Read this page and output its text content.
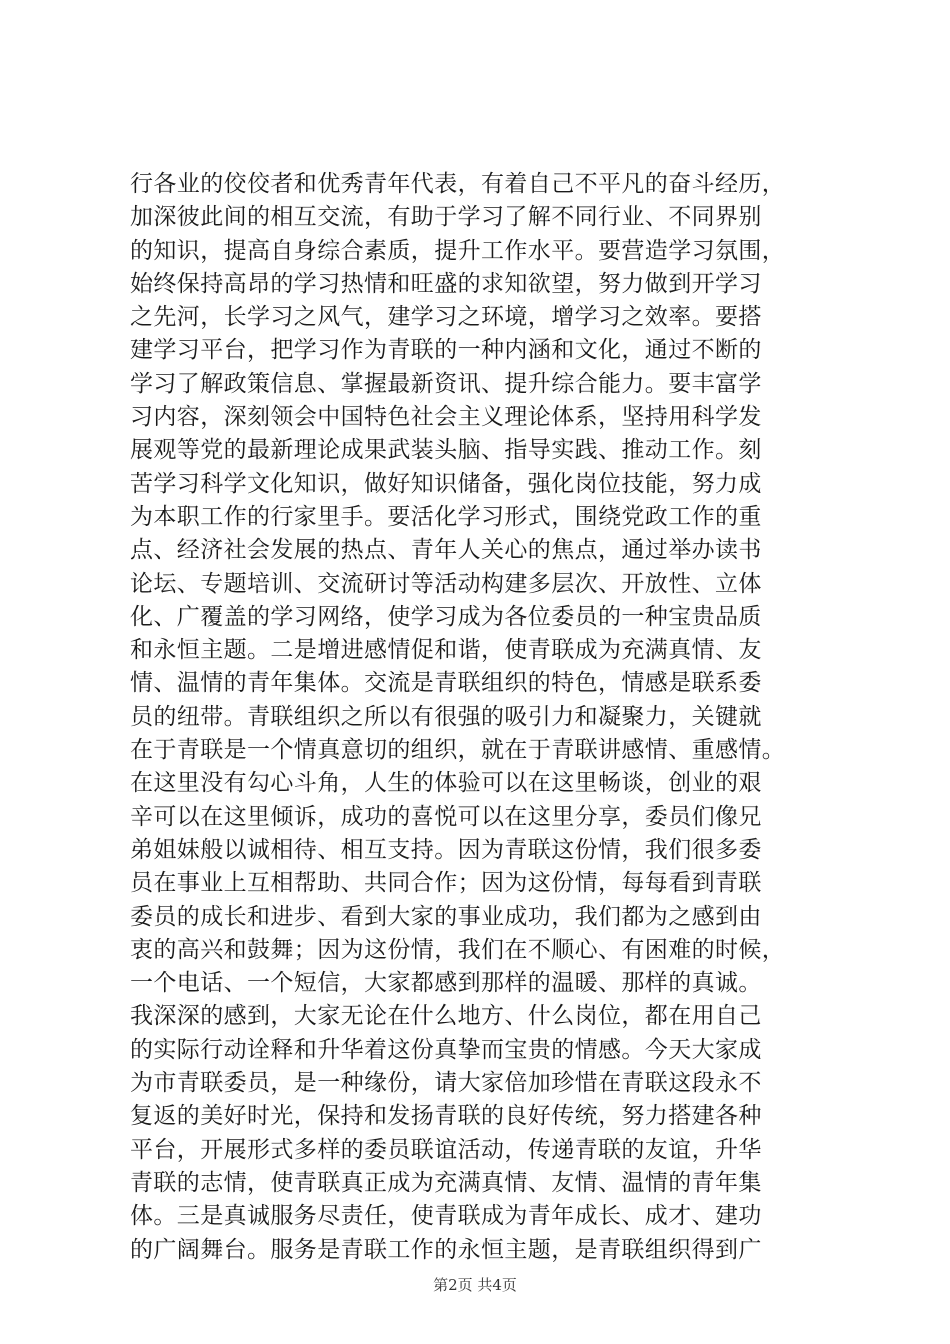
行各业的佼佼者和优秀青年代表，有着自己不平凡的奋斗经历，
加深彼此间的相互交流，有助于学习了解不同行业、不同界别
的知识，提高自身综合素质，提升工作水平。要营造学习氛围，
始终保持高昂的学习热情和旺盛的求知欲望，努力做到开学习
之先河，长学习之风气，建学习之环境，增学习之效率。要搭
建学习平台，把学习作为青联的一种内涵和文化，通过不断的
学习了解政策信息、掌握最新资讯、提升综合能力。要丰富学
习内容，深刻领会中国特色社会主义理论体系，坚持用科学发
展观等党的最新理论成果武装头脑、指导实践、推动工作。刻
苦学习科学文化知识，做好知识储备，强化岗位技能，努力成
为本职工作的行家里手。要活化学习形式，围绕党政工作的重
点、经济社会发展的热点、青年人关心的焦点，通过举办读书
论坛、专题培训、交流研讨等活动构建多层次、开放性、立体
化、广覆盖的学习网络，使学习成为各位委员的一种宝贵品质
和永恒主题。二是增进感情促和谐，使青联成为充满真情、友
情、温情的青年集体。交流是青联组织的特色，情感是联系委
员的纽带。青联组织之所以有很强的吸引力和凝聚力，关键就
在于青联是一个情真意切的组织，就在于青联讲感情、重感情。
在这里没有勾心斗角，人生的体验可以在这里畅谈，创业的艰
辛可以在这里倾诉，成功的喜悦可以在这里分享，委员们像兄
弟姐妹般以诚相待、相互支持。因为青联这份情，我们很多委
员在事业上互相帮助、共同合作；因为这份情，每每看到青联
委员的成长和进步、看到大家的事业成功，我们都为之感到由
衷的高兴和鼓舞；因为这份情，我们在不顺心、有困难的时候，
一个电话、一个短信，大家都感到那样的温暖、那样的真诚。
我深深的感到，大家无论在什么地方、什么岗位，都在用自己
的实际行动诠释和升华着这份真挚而宝贵的情感。今天大家成
为市青联委员，是一种缘份，请大家倍加珍惜在青联这段永不
复返的美好时光，保持和发扬青联的良好传统，努力搭建各种
平台，开展形式多样的委员联谊活动，传递青联的友谊，升华
青联的志情，使青联真正成为充满真情、友情、温情的青年集
体。三是真诚服务尽责任，使青联成为青年成长、成才、建功
的广阔舞台。服务是青联工作的永恒主题，是青联组织得到广
第2页 共4页
